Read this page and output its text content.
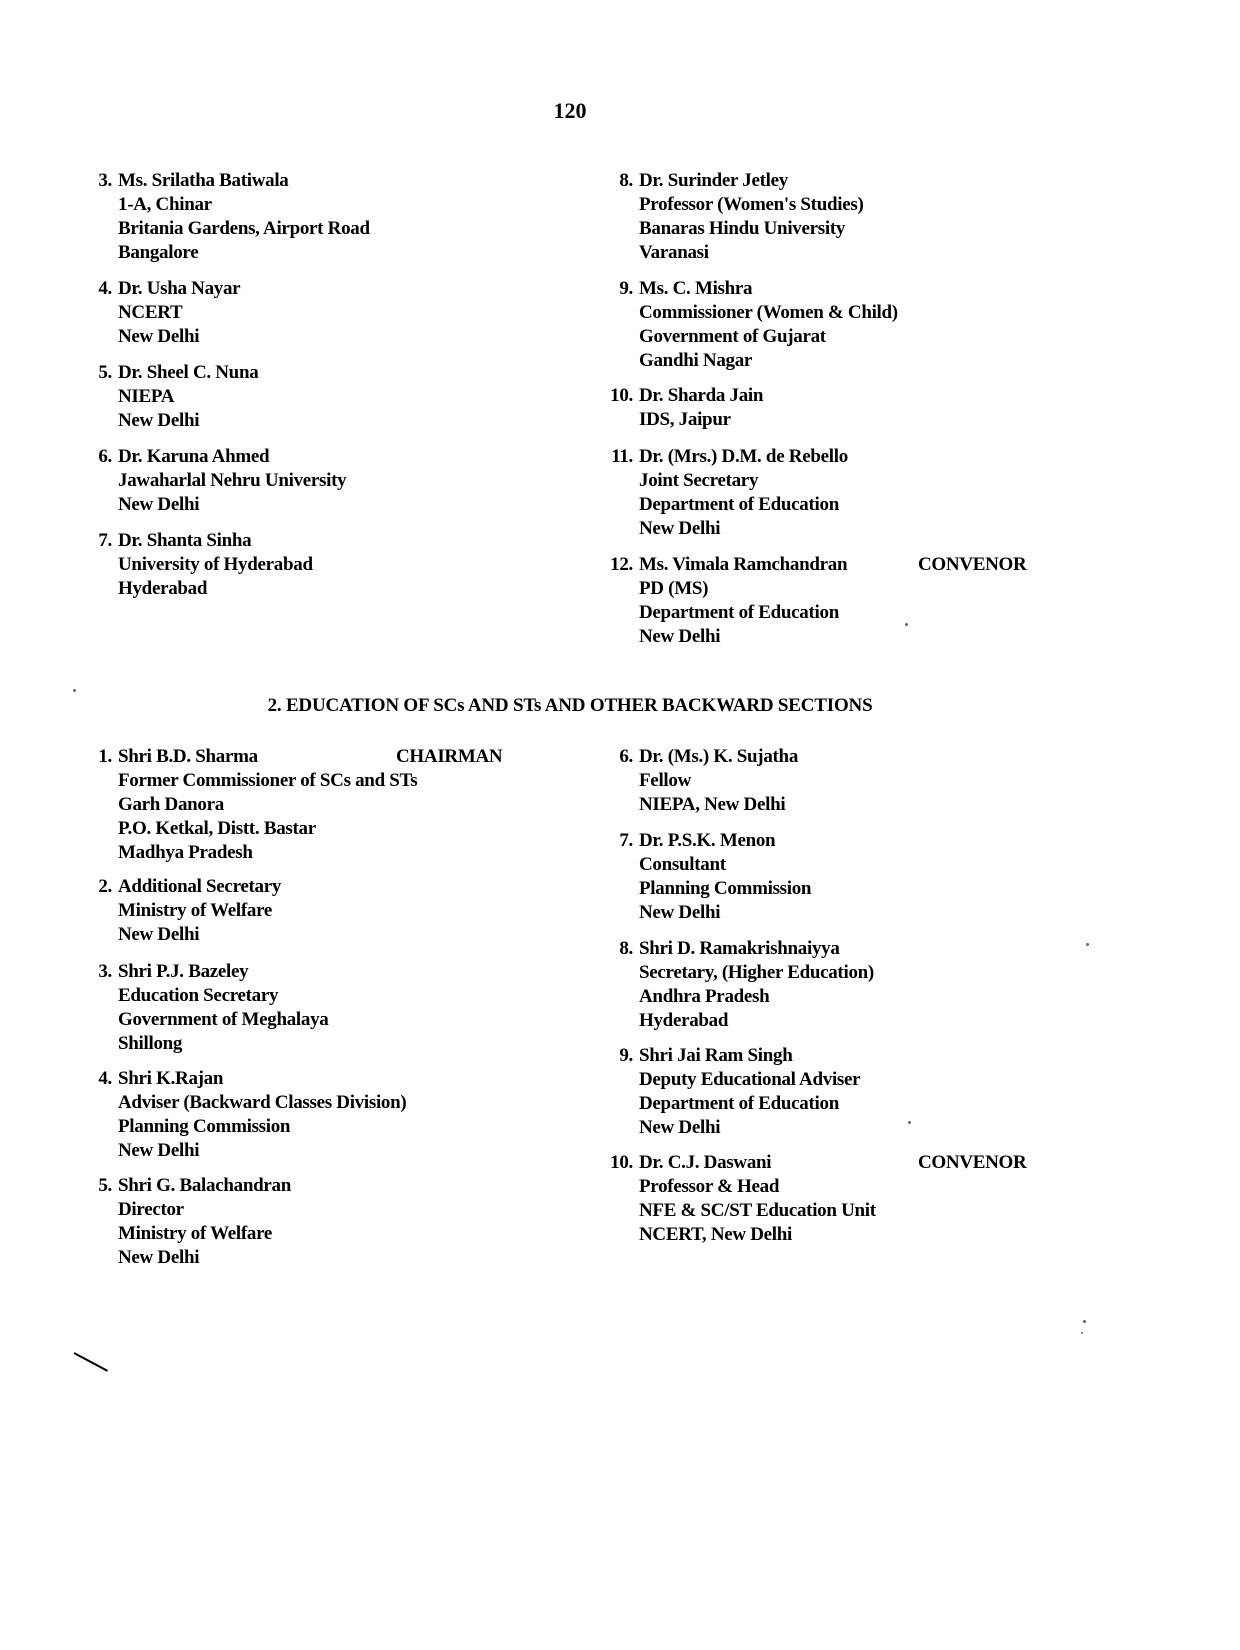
120
3. Ms. Srilatha Batiwala
1-A, Chinar
Britania Gardens, Airport Road
Bangalore
4. Dr. Usha Nayar
NCERT
New Delhi
5. Dr. Sheel C. Nuna
NIEPA
New Delhi
6. Dr. Karuna Ahmed
Jawaharlal Nehru University
New Delhi
7. Dr. Shanta Sinha
University of Hyderabad
Hyderabad
8. Dr. Surinder Jetley
Professor (Women's Studies)
Banaras Hindu University
Varanasi
9. Ms. C. Mishra
Commissioner (Women & Child)
Government of Gujarat
Gandhi Nagar
10. Dr. Sharda Jain
IDS, Jaipur
11. Dr. (Mrs.) D.M. de Rebello
Joint Secretary
Department of Education
New Delhi
12. Ms. Vimala Ramchandran
PD (MS)
Department of Education
New Delhi
CONVENOR
2. EDUCATION OF SCs AND STs AND OTHER BACKWARD SECTIONS
1. Shri B.D. Sharma
Former Commissioner of SCs and STs
Garh Danora
P.O. Ketkal, Distt. Bastar
Madhya Pradesh
CHAIRMAN
2. Additional Secretary
Ministry of Welfare
New Delhi
3. Shri P.J. Bazeley
Education Secretary
Government of Meghalaya
Shillong
4. Shri K.Rajan
Adviser (Backward Classes Division)
Planning Commission
New Delhi
5. Shri G. Balachandran
Director
Ministry of Welfare
New Delhi
6. Dr. (Ms.) K. Sujatha
Fellow
NIEPA, New Delhi
7. Dr. P.S.K. Menon
Consultant
Planning Commission
New Delhi
8. Shri D. Ramakrishnaiyya
Secretary, (Higher Education)
Andhra Pradesh
Hyderabad
9. Shri Jai Ram Singh
Deputy Educational Adviser
Department of Education
New Delhi
10. Dr. C.J. Daswani
Professor & Head
NFE & SC/ST Education Unit
NCERT, New Delhi
CONVENOR
